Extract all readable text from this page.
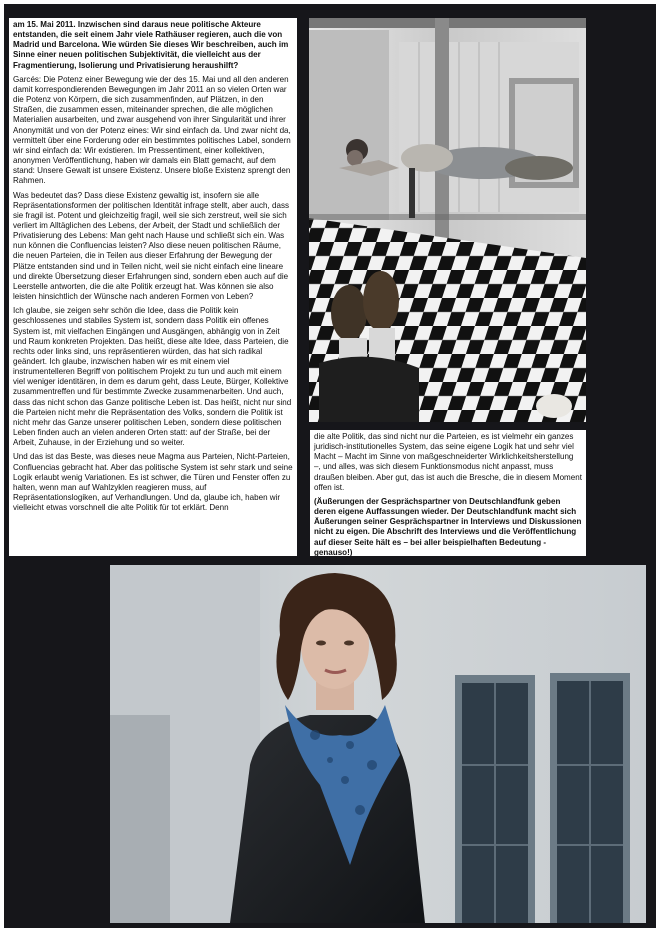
am 15. Mai 2011. Inzwischen sind daraus neue politische Akteure entstanden, die seit einem Jahr viele Rathäuser regieren, auch die von Madrid und Barcelona. Wie würden Sie dieses Wir beschreiben, auch im Sinne einer neuen politischen Subjektivität, die vielleicht aus der Fragmentierung, Isolierung und Privatisierung heraushilft?

Garcés: Die Potenz einer Bewegung wie der des 15. Mai und all den anderen damit korrespondierenden Bewegungen im Jahr 2011 an so vielen Orten war die Potenz von Körpern, die sich zusammenfinden, auf Plätzen, in den Straßen, die zusammen essen, miteinander sprechen, die alle möglichen Materialien ausarbeiten, und zwar ausgehend von ihrer Singularität und ihrer Anonymität und von der Potenz eines: Wir sind einfach da. Und zwar nicht da, vermittelt über eine Forderung oder ein bestimmtes politisches Label, sondern wir sind einfach da: Wir existieren. Im Pressentiment, einer kollektiven, anonymen Veröffentlichung, haben wir damals ein Blatt gemacht, auf dem stand: Unsere Gewalt ist unsere Existenz. Unsere bloße Existenz sprengt den Rahmen.

Was bedeutet das? Dass diese Existenz gewaltig ist, insofern sie alle Repräsentationsformen der politischen Identität infrage stellt, aber auch, dass sie fragil ist. Potent und gleichzeitig fragil, weil sie sich zerstreut, weil sie sich verliert im Alltäglichen des Lebens, der Arbeit, der Stadt und schließlich der Privatisierung des Lebens: Man geht nach Hause und schließt sich ein. Was nun können die Confluencias leisten? Also diese neuen politischen Räume, die neuen Parteien, die in Teilen aus dieser Erfahrung der Bewegung der Plätze entstanden sind und in Teilen nicht, weil sie nicht einfach eine lineare und direkte Übersetzung dieser Erfahrungen sind, sondern eben auch auf die Leerstelle antworten, die die alte Politik erzeugt hat. Was können sie also leisten hinsichtlich der Wünsche nach anderen Formen von Leben?

Ich glaube, sie zeigen sehr schön die Idee, dass die Politik kein geschlossenes und stabiles System ist, sondern dass Politik ein offenes System ist, mit vielfachen Eingängen und Ausgängen, abhängig von in Zeit und Raum konkreten Projekten. Das heißt, diese alte Idee, dass Parteien, die rechts oder links sind, uns repräsentieren würden, das hat sich radikal geändert. Ich glaube, inzwischen haben wir es mit einem viel instrumentelleren Begriff von politischem Projekt zu tun und auch mit einem viel weniger identitären, in dem es darum geht, dass Leute, Bürger, Kollektive zusammentreffen und für bestimmte Zwecke zusammenarbeiten. Und auch, dass das nicht schon das Ganze politische Leben ist. Das heißt, nicht nur sind die Parteien nicht mehr die Repräsentation des Volks, sondern die Politik ist nicht mehr das Ganze unserer politischen Leben, sondern diese politischen Leben finden auch an vielen anderen Orten statt: auf der Straße, bei der Arbeit, Zuhause, in der Erziehung und so weiter.

Und das ist das Beste, was dieses neue Magma aus Parteien, Nicht-Parteien, Confluencias gebracht hat. Aber das politische System ist sehr stark und seine Logik erlaubt wenig Variationen. Es ist schwer, die Türen und Fenster offen zu halten, wenn man auf Wahlzyklen reagieren muss, auf Repräsentationslogiken, auf Verhandlungen. Und da, glaube ich, haben wir vielleicht etwas vorschnell die alte Politik für tot erklärt. Denn

die alte Politik, das sind nicht nur die Parteien, es ist vielmehr ein ganzes juridisch-institutionelles System, das seine eigene Logik hat und sehr viel Macht – Macht im Sinne von maßgeschneiderter Wirklichkeitsherstellung –, und alles, was sich diesem Funktionsmodus nicht anpasst, muss draußen bleiben. Aber gut, das ist auch die Bresche, die in diesem Moment offen ist.

(Äußerungen der Gesprächspartner von Deutschlandfunk geben deren eigene Auffassungen wieder. Der Deutschlandfunk macht sich Äußerungen seiner Gesprächspartner in Interviews und Diskussionen nicht zu eigen. Die Abschrift des Interviews und die Veröffentlichung auf dieser Seite hält es – bei aller beispielhaften Bedeutung - genauso!)
